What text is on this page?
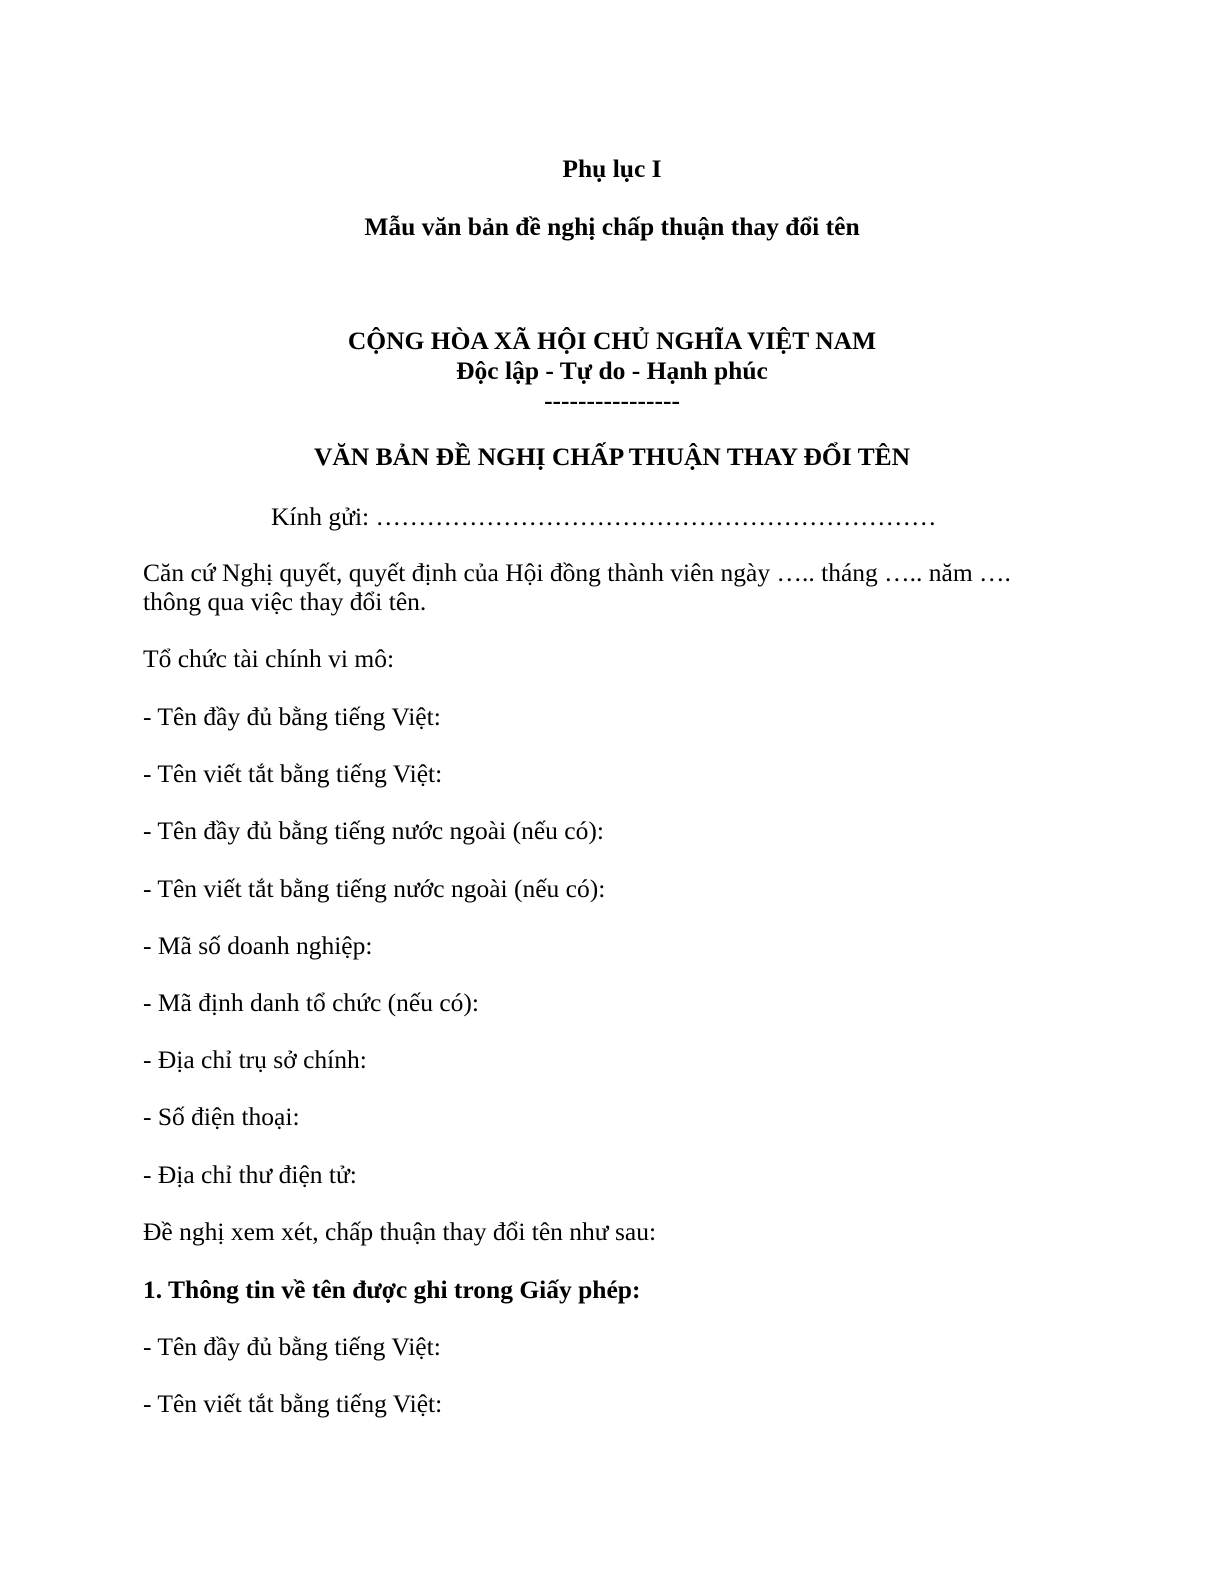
Phụ lục I
Mẫu văn bản đề nghị chấp thuận thay đổi tên
CỘNG HÒA XÃ HỘI CHỦ NGHĨA VIỆT NAM
Độc lập - Tự do - Hạnh phúc
----------------
VĂN BẢN ĐỀ NGHỊ CHẤP THUẬN THAY ĐỔI TÊN
Kính gửi: …………………………………………………………
Căn cứ Nghị quyết, quyết định của Hội đồng thành viên ngày ….. tháng ….. năm ….
thông qua việc thay đổi tên.
Tổ chức tài chính vi mô:
- Tên đầy đủ bằng tiếng Việt:
- Tên viết tắt bằng tiếng Việt:
- Tên đầy đủ bằng tiếng nước ngoài (nếu có):
- Tên viết tắt bằng tiếng nước ngoài (nếu có):
- Mã số doanh nghiệp:
- Mã định danh tổ chức (nếu có):
- Địa chỉ trụ sở chính:
- Số điện thoại:
- Địa chỉ thư điện tử:
Đề nghị xem xét, chấp thuận thay đổi tên như sau:
1. Thông tin về tên được ghi trong Giấy phép:
- Tên đầy đủ bằng tiếng Việt:
- Tên viết tắt bằng tiếng Việt:
